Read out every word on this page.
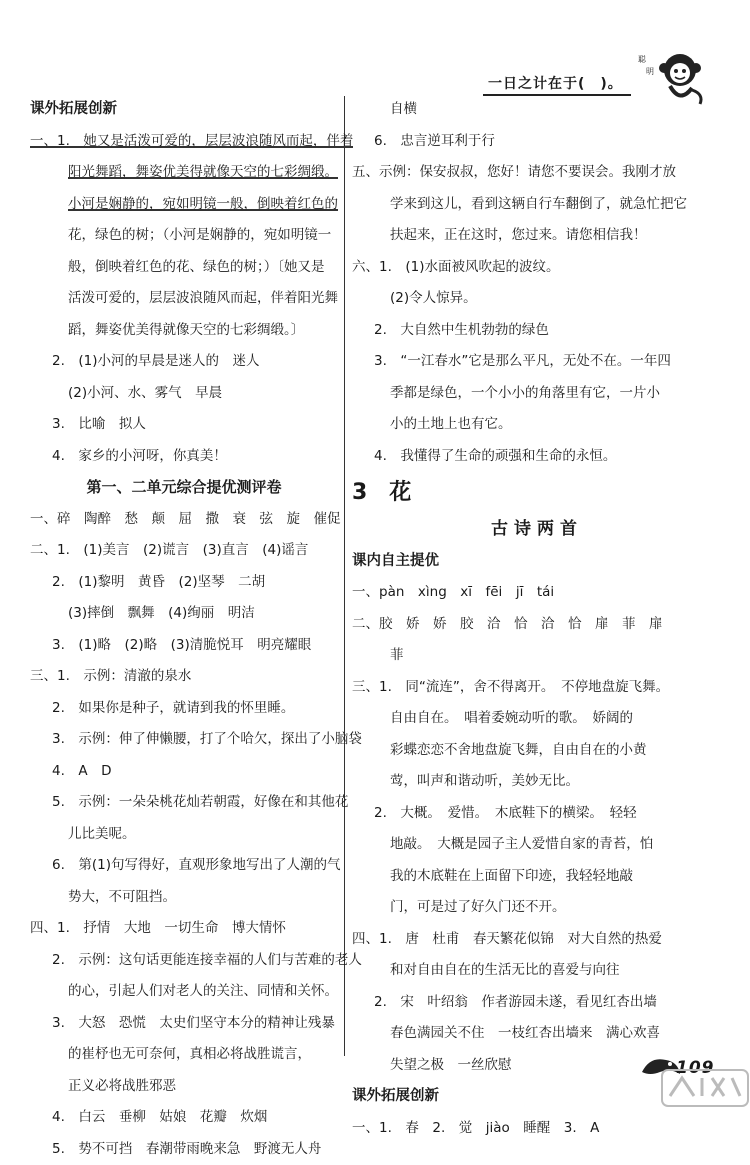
一日之计在于(　)。
聪
明
课外拓展创新
一、1.　她又是活泼可爱的，层层波浪随风而起，伴着
阳光舞蹈，舞姿优美得就像天空的七彩绸缎。
小河是娴静的，宛如明镜一般，倒映着红色的
花，绿色的树；（小河是娴静的，宛如明镜一
般，倒映着红色的花、绿色的树；）〔她又是
活泼可爱的，层层波浪随风而起，伴着阳光舞
蹈，舞姿优美得就像天空的七彩绸缎。〕
2.　(1)小河的早晨是迷人的　迷人
(2)小河、水、雾气　早晨
3.　比喻　拟人
4.　家乡的小河呀，你真美！
第一、二单元综合提优测评卷
一、碎　陶醉　愁　颠　屈　撒　衰　弦　旋　催促
二、1.　(1)美言　(2)谎言　(3)直言　(4)谣言
2.　(1)黎明　黄昏　(2)坚琴　二胡
(3)摔倒　飘舞　(4)绚丽　明洁
3.　(1)略　(2)略　(3)清脆悦耳　明亮耀眼
三、1.　示例：清澈的泉水
2.　如果你是种子，就请到我的怀里睡。
3.　示例：伸了伸懒腰，打了个哈欠，探出了小脑袋
4.　A　D
5.　示例：一朵朵桃花灿若朝霞，好像在和其他花
儿比美呢。
6.　第(1)句写得好，直观形象地写出了人潮的气
势大，不可阻挡。
四、1.　抒情　大地　一切生命　博大情怀
2.　示例：这句话更能连接幸福的人们与苦难的老人
的心，引起人们对老人的关注、同情和关怀。
3.　大怒　恐慌　太史们坚守本分的精神让残暴
的崔杼也无可奈何，真相必将战胜谎言，
正义必将战胜邪恶
4.　白云　垂柳　姑娘　花瓣　炊烟
5.　势不可挡　春潮带雨晚来急　野渡无人舟
自横
6.　忠言逆耳利于行
五、示例：保安叔叔，您好！请您不要误会。我刚才放
学来到这儿，看到这辆自行车翻倒了，就急忙把它
扶起来，正在这时，您过来。请您相信我！
六、1.　(1)水面被风吹起的波纹。
(2)令人惊异。
2.　大自然中生机勃勃的绿色
3.　“一江春水”它是那么平凡，无处不在。一年四
季都是绿色，一个小小的角落里有它，一片小
小的土地上也有它。
4.　我懂得了生命的顽强和生命的永恒。
3　花
古诗两首
课内自主提优
一、pàn　xìng　xī　fēi　jī　tái
二、胶　娇　娇　胶　洽　恰　洽　恰　扉　菲　扉
菲
三、1.　同“流连”，舍不得离开。　不停地盘旋飞舞。
自由自在。　唱着委婉动听的歌。　娇阔的
彩蝶恋恋不舍地盘旋飞舞，自由自在的小黄
莺，叫声和谐动听，美妙无比。
2.　大概。　爱惜。　木底鞋下的横梁。　轻轻
地敲。　大概是园子主人爱惜自家的青苔，怕
我的木底鞋在上面留下印迹，我轻轻地敲
门，可是过了好久门还不开。
四、1.　唐　杜甫　春天繁花似锦　对大自然的热爱
和对自由自在的生活无比的喜爱与向往
2.　宋　叶绍翁　作者游园未遂，看见红杏出墙
春色满园关不住　一枝红杏出墙来　满心欢喜
失望之极　一丝欣慰
课外拓展创新
一、1.　春　2.　觉　jiào　睡醒　3.　A
109
